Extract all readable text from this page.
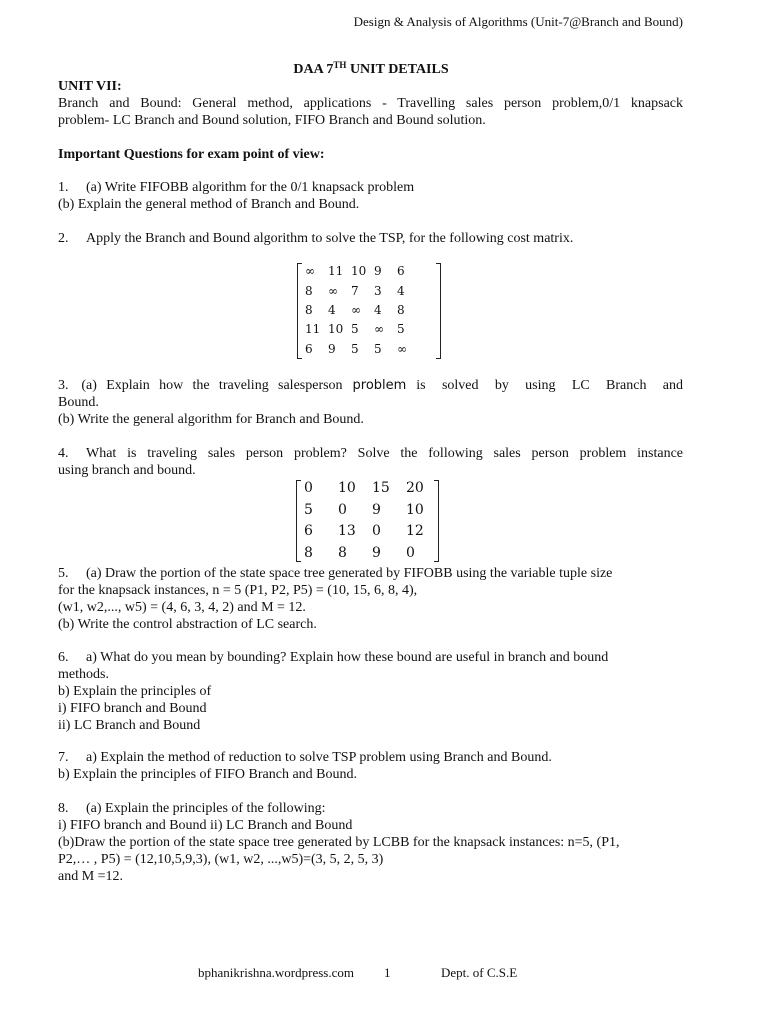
Design & Analysis of Algorithms (Unit-7@Branch and Bound)
DAA 7TH UNIT DETAILS
UNIT VII:
Branch and Bound: General method, applications - Travelling sales person problem,0/1 knapsack
problem- LC Branch and Bound solution, FIFO Branch and Bound solution.
Important Questions for exam point of view:
1. (a) Write FIFOBB algorithm for the 0/1 knapsack problem
(b) Explain the general method of Branch and Bound.
2. Apply the Branch and Bound algorithm to solve the TSP, for the following cost matrix.
∞	11	10	9	6
8	∞	7	3	4
8	4	∞	4	8
11	10	5	∞	5
6	9	5	5	∞
3. (a) Explain how the traveling salesperson problem is solved by using LC Branch and
Bound.
(b) Write the general algorithm for Branch and Bound.
4. What is traveling sales person problem? Solve the following sales person problem instance
using branch and bound.
0	10	15	20
5	0	9	10
6	13	0	12
8	8	9	0
5. (a) Draw the portion of the state space tree generated by FIFOBB using the variable tuple size
for the knapsack instances, n = 5 (P1, P2, P5) = (10, 15, 6, 8, 4),
(w1, w2,..., w5) = (4, 6, 3, 4, 2) and M = 12.
(b) Write the control abstraction of LC search.
6. a) What do you mean by bounding? Explain how these bound are useful in branch and bound
methods.
b) Explain the principles of
i) FIFO branch and Bound
ii) LC Branch and Bound
7. a) Explain the method of reduction to solve TSP problem using Branch and Bound.
b) Explain the principles of FIFO Branch and Bound.
8. (a) Explain the principles of the following:
i) FIFO branch and Bound ii) LC Branch and Bound
(b)Draw the portion of the state space tree generated by LCBB for the knapsack instances: n=5, (P1,
P2,… , P5) = (12,10,5,9,3), (w1, w2, ...,w5)=(3, 5, 2, 5, 3)
and M =12.
bphanikrishna.wordpress.com 1	Dept. of C.S.E
